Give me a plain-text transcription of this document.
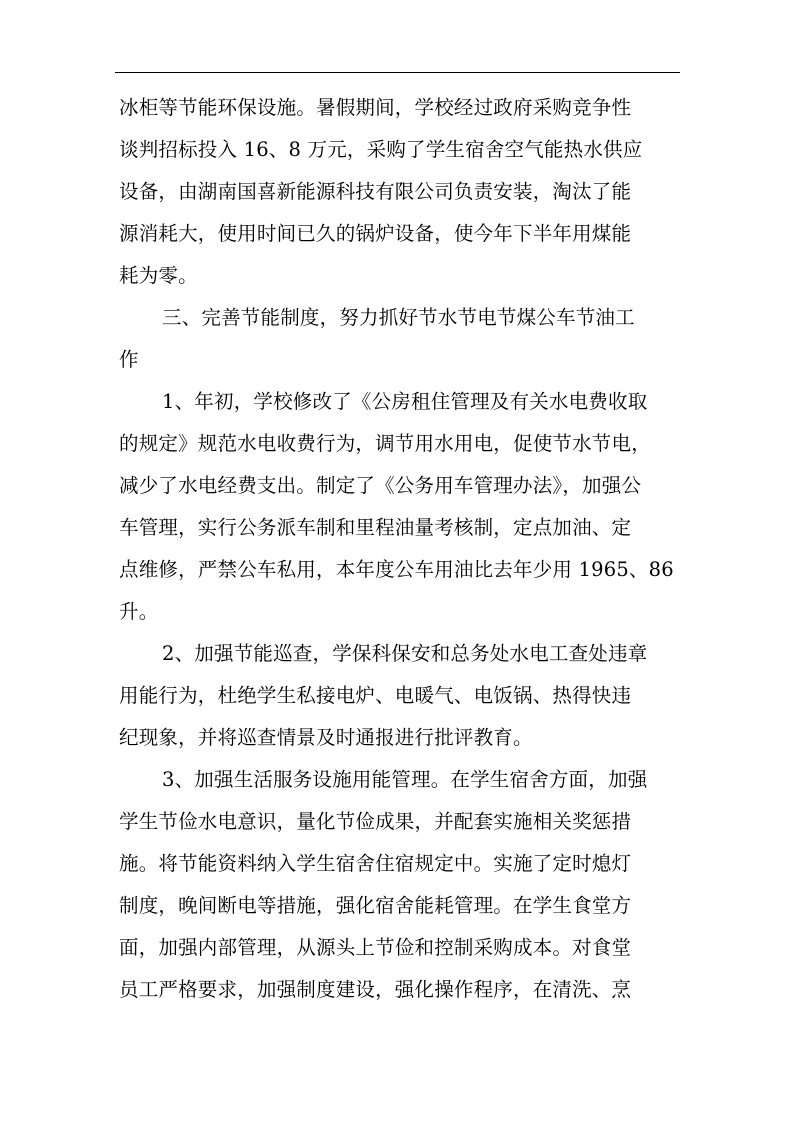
冰柜等节能环保设施。暑假期间，学校经过政府采购竞争性
谈判招标投入 16、8 万元，采购了学生宿舍空气能热水供应
设备，由湖南国喜新能源科技有限公司负责安装，淘汰了能
源消耗大，使用时间已久的锅炉设备，使今年下半年用煤能
耗为零。
三、完善节能制度，努力抓好节水节电节煤公车节油工
作
1、年初，学校修改了《公房租住管理及有关水电费收取
的规定》规范水电收费行为，调节用水用电，促使节水节电，
减少了水电经费支出。制定了《公务用车管理办法》，加强公
车管理，实行公务派车制和里程油量考核制，定点加油、定
点维修，严禁公车私用，本年度公车用油比去年少用 1965、86
升。
2、加强节能巡查，学保科保安和总务处水电工查处违章
用能行为，杜绝学生私接电炉、电暖气、电饭锅、热得快违
纪现象，并将巡查情景及时通报进行批评教育。
3、加强生活服务设施用能管理。在学生宿舍方面，加强
学生节俭水电意识，量化节俭成果，并配套实施相关奖惩措
施。将节能资料纳入学生宿舍住宿规定中。实施了定时熄灯
制度，晚间断电等措施，强化宿舍能耗管理。在学生食堂方
面，加强内部管理，从源头上节俭和控制采购成本。对食堂
员工严格要求，加强制度建设，强化操作程序，在清洗、烹
